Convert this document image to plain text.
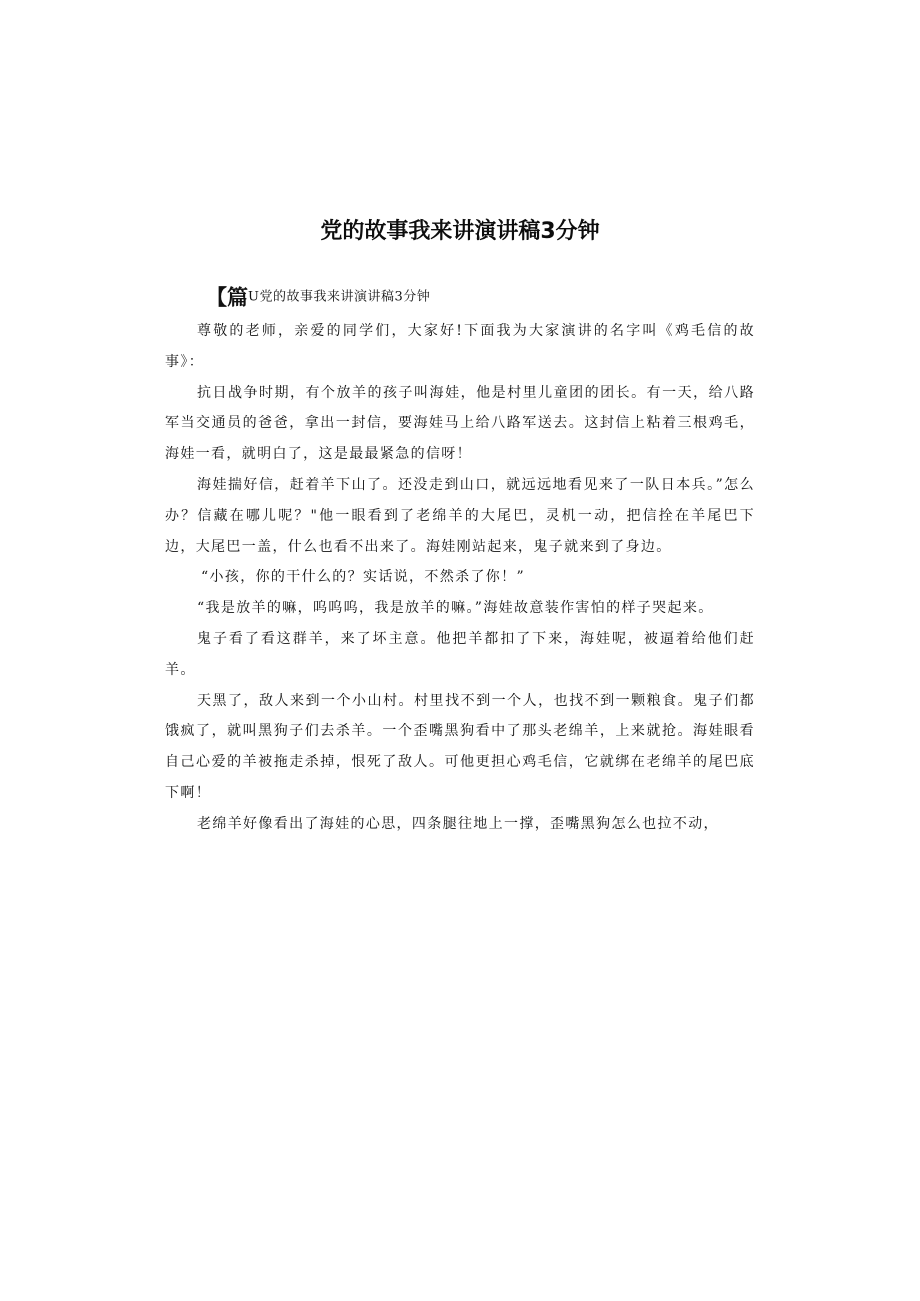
党的故事我来讲演讲稿3分钟
【篇U党的故事我来讲演讲稿3分钟

尊敬的老师，亲爱的同学们，大家好!下面我为大家演讲的名字叫《鸡毛信的故事》：

抗日战争时期，有个放羊的孩子叫海娃，他是村里儿童团的团长。有一天，给八路军当交通员的爸爸，拿出一封信，要海娃马上给八路军送去。这封信上粘着三根鸡毛，海娃一看，就明白了，这是最最紧急的信呀！

海娃揣好信，赶着羊下山了。还没走到山口，就远远地看见来了一队日本兵。”怎么办？信藏在哪儿呢？"他一眼看到了老绵羊的大尾巴，灵机一动，把信拴在羊尾巴下边，大尾巴一盖，什么也看不出来了。海娃刚站起来，鬼子就来到了身边。

“小孩，你的干什么的？实话说，不然杀了你！”

“我是放羊的嘛，呜呜呜，我是放羊的嘛。”海娃故意装作害怕的样子哭起来。

鬼子看了看这群羊，来了坏主意。他把羊都扣了下来，海娃呢，被逼着给他们赶羊。

天黑了，敌人来到一个小山村。村里找不到一个人，也找不到一颗粮食。鬼子们都饿疯了，就叫黑狗子们去杀羊。一个歪嘴黑狗看中了那头老绵羊，上来就抢。海娃眼看自己心爱的羊被拖走杀掉，恨死了敌人。可他更担心鸡毛信，它就绑在老绵羊的尾巴底下啊！

老绵羊好像看出了海娃的心思，四条腿往地上一撑，歪嘴黑狗怎么也拉不动，
